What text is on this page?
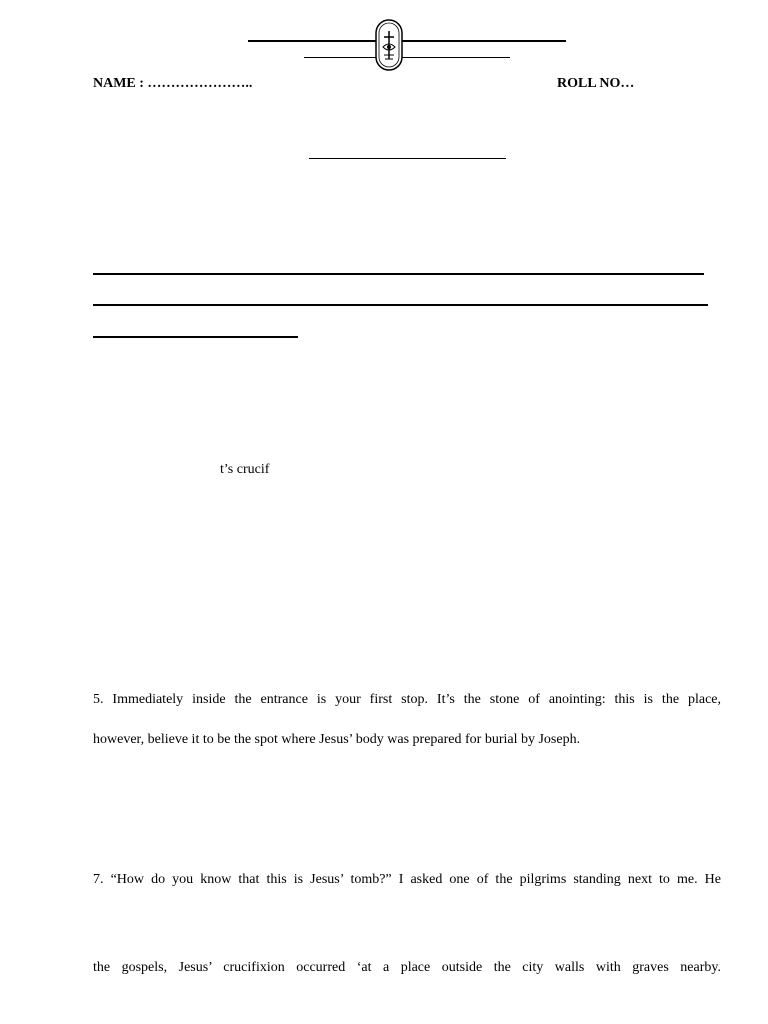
NAME : …………………..	ROLL NO…
t’s crucif
5. Immediately inside the entrance is your first stop. It’s the stone of anointing: this is the place,
however, believe it to be the spot where Jesus’ body was prepared for burial by Joseph.
7. “How do you know that this is Jesus’ tomb?” I asked one of the pilgrims standing next to me. He
the gospels, Jesus’ crucifixion occurred ‘at a place outside the city walls with graves nearby.
